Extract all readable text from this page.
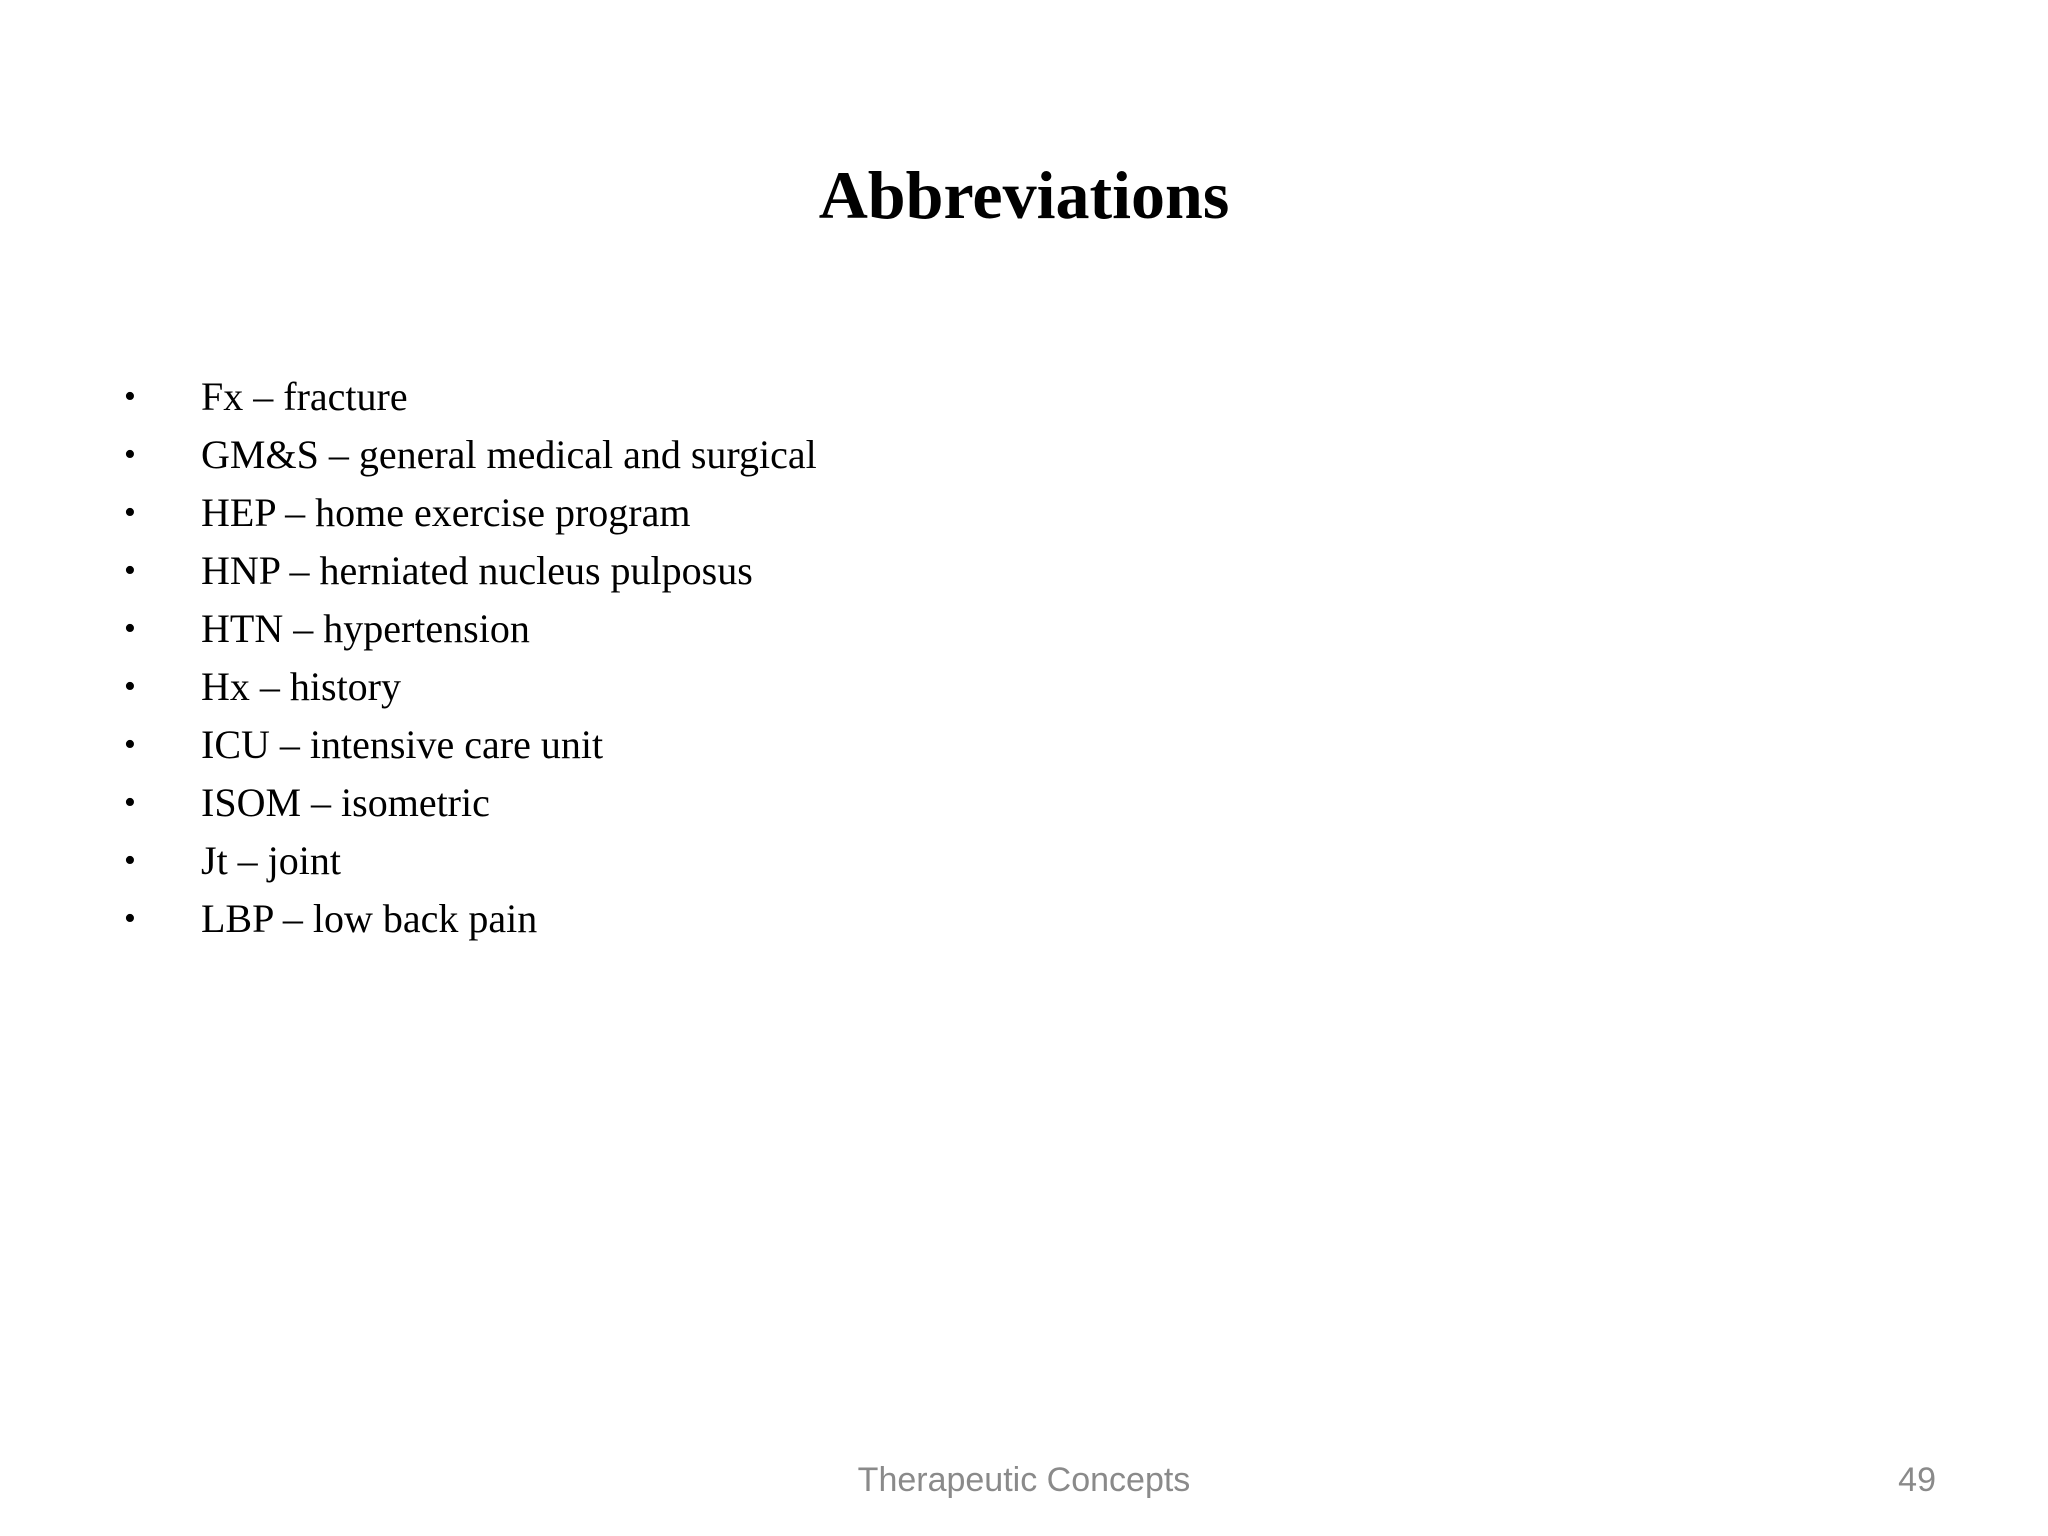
Abbreviations
• Fx – fracture
• GM&S – general medical and surgical
• HEP – home exercise program
• HNP – herniated nucleus pulposus
• HTN – hypertension
• Hx – history
• ICU – intensive care unit
• ISOM – isometric
• Jt – joint
• LBP – low back pain
Therapeutic Concepts	49
